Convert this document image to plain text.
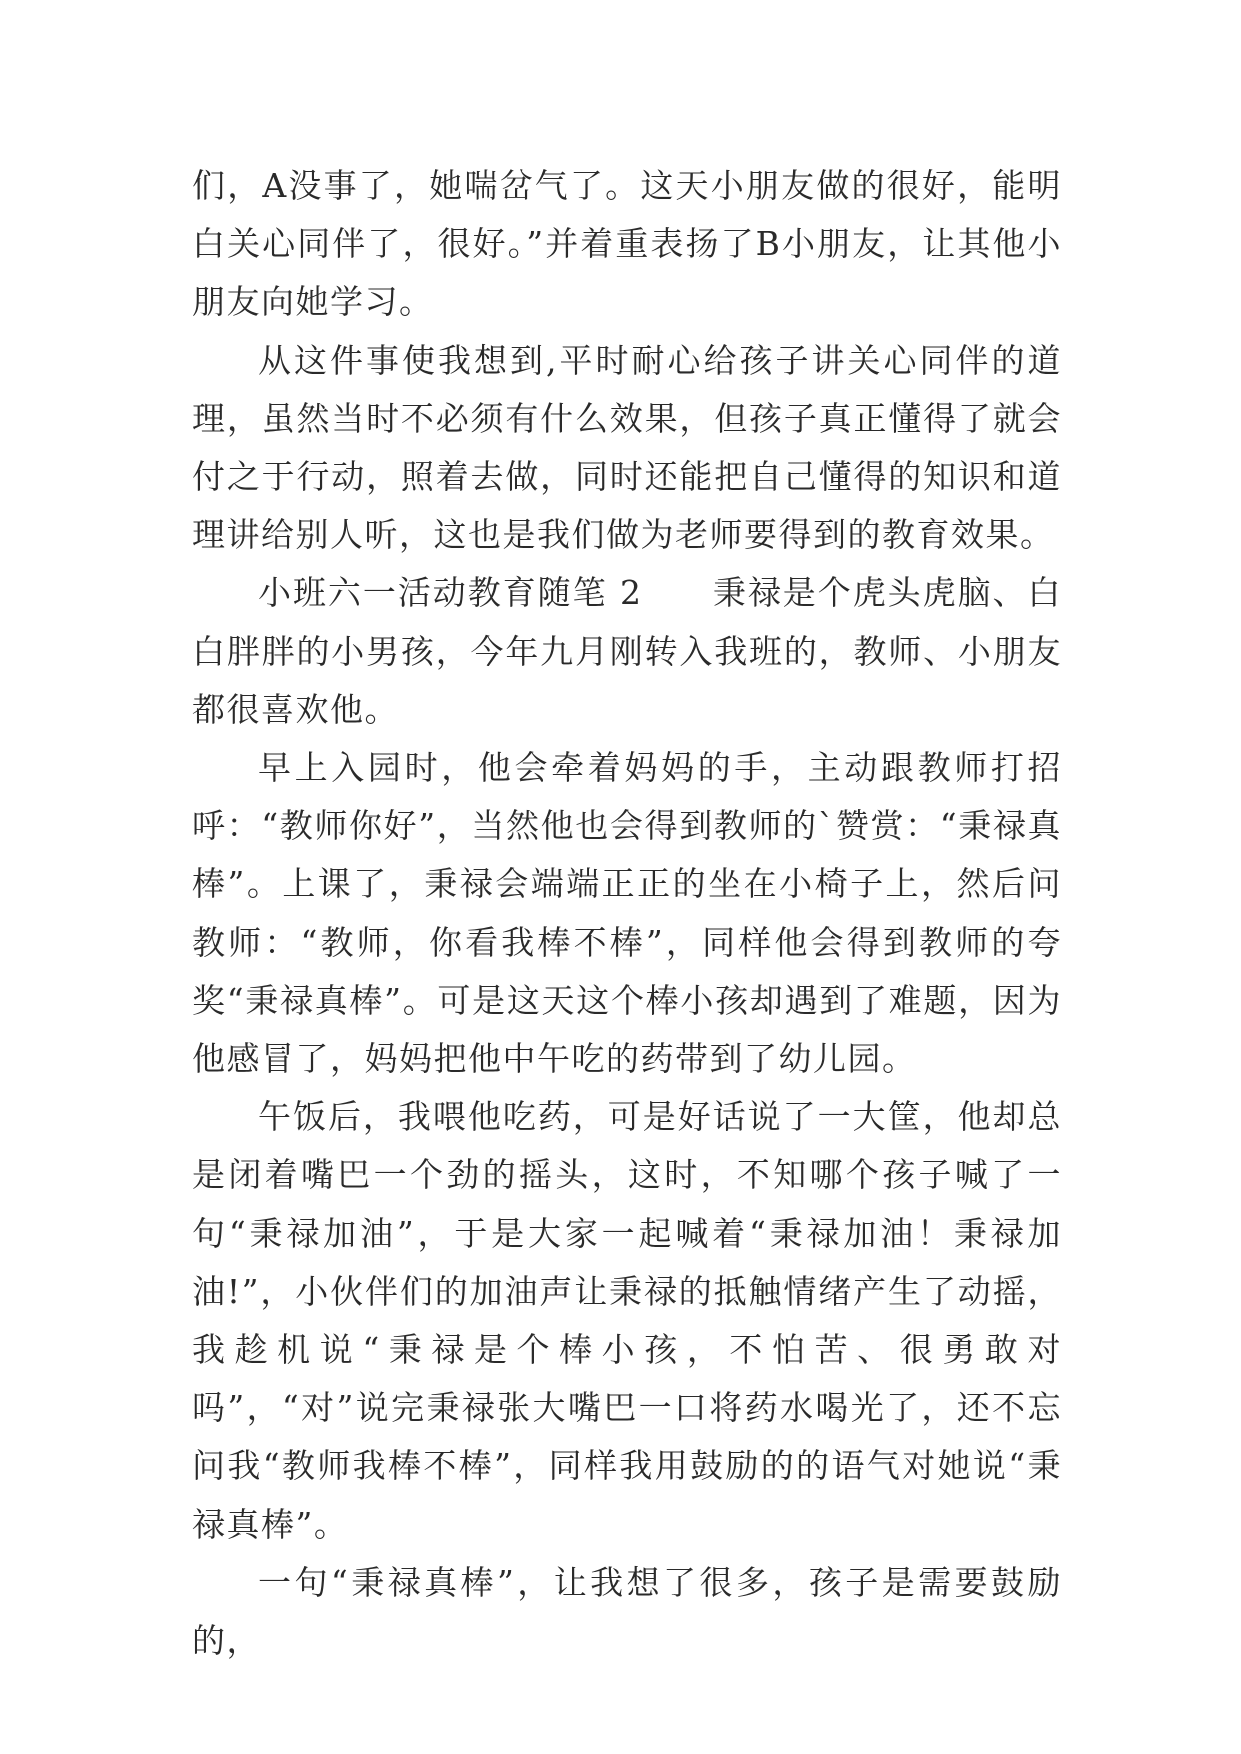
们，A没事了，她喘岔气了。这天小朋友做的很好，能明白关心同伴了，很好。”并着重表扬了B小朋友，让其他小朋友向她学习。

从这件事使我想到,平时耐心给孩子讲关心同伴的道理，虽然当时不必须有什么效果，但孩子真正懂得了就会付之于行动，照着去做，同时还能把自己懂得的知识和道理讲给别人听，这也是我们做为老师要得到的教育效果。

小班六一活动教育随笔 2　　秉禄是个虎头虎脑、白白胖胖的小男孩，今年九月刚转入我班的，教师、小朋友都很喜欢他。

早上入园时，他会牵着妈妈的手，主动跟教师打招呼：“教师你好”，当然他也会得到教师的`赞赏：“秉禄真棒”。上课了，秉禄会端端正正的坐在小椅子上，然后问教师：“教师，你看我棒不棒”，同样他会得到教师的夸奖“秉禄真棒”。可是这天这个棒小孩却遇到了难题，因为他感冒了，妈妈把他中午吃的药带到了幼儿园。

午饭后，我喂他吃药，可是好话说了一大筐，他却总是闭着嘴巴一个劲的摇头，这时，不知哪个孩子喊了一句“秉禄加油”，于是大家一起喊着“秉禄加油！秉禄加油!”，小伙伴们的加油声让秉禄的抵触情绪产生了动摇，我趁机说“秉禄是个棒小孩，不怕苦、很勇敢对吗”，“对”说完秉禄张大嘴巴一口将药水喝光了，还不忘问我“教师我棒不棒”，同样我用鼓励的的语气对她说“秉禄真棒”。

一句“秉禄真棒”，让我想了很多，孩子是需要鼓励的，
